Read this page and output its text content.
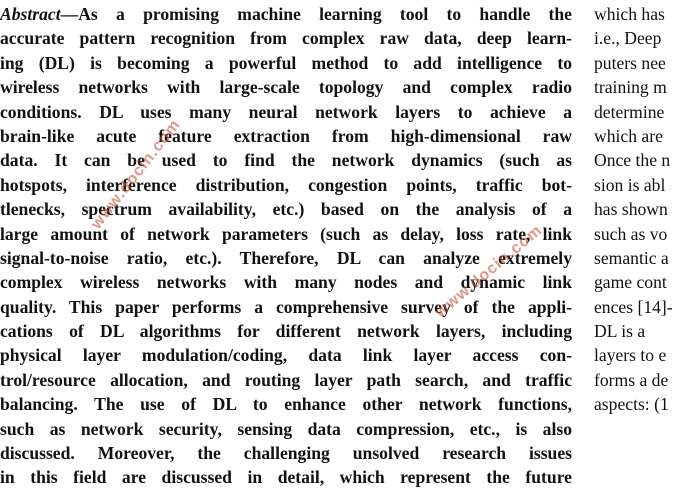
Abstract—As a promising machine learning tool to handle the
accurate pattern recognition from complex raw data, deep learn-
ing (DL) is becoming a powerful method to add intelligence to
wireless networks with large-scale topology and complex radio
conditions. DL uses many neural network layers to achieve a
brain-like acute feature extraction from high-dimensional raw
data. It can be used to find the network dynamics (such as
hotspots, interference distribution, congestion points, traffic bot-
tlenecks, spectrum availability, etc.) based on the analysis of a
large amount of network parameters (such as delay, loss rate, link
signal-to-noise ratio, etc.). Therefore, DL can analyze extremely
complex wireless networks with many nodes and dynamic link
quality. This paper performs a comprehensive survey of the appli-
cations of DL algorithms for different network layers, including
physical layer modulation/coding, data link layer access con-
trol/resource allocation, and routing layer path search, and traffic
balancing. The use of DL to enhance other network functions,
such as network security, sensing data compression, etc., is also
discussed. Moreover, the challenging unsolved research issues
in this field are discussed in detail, which represent the future
which has
i.e., Deep
puters nee
training m
determine
which are
Once the n
sion is abl
has shown
such as vo
semantic a
game cont
ences [14]-
DL is a
layers to e
forms a de
aspects: (1
www.docin.com
www.docin.com
